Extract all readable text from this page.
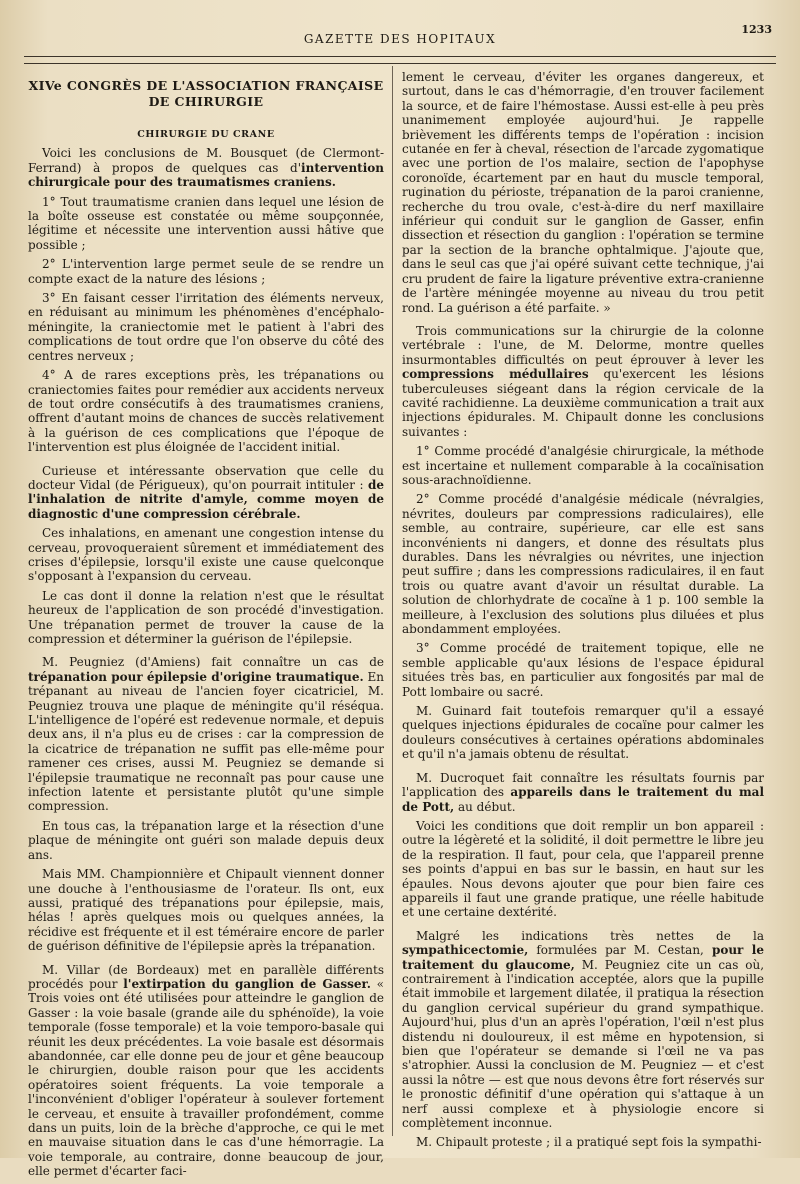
GAZETTE DES HOPITAUX
1233
XIVe CONGRÈS DE L'ASSOCIATION FRANÇAISE DE CHIRURGIE
CHIRURGIE DU CRANE

Voici les conclusions de M. Bousquet (de Clermont-Ferrand) à propos de quelques cas d'intervention chirurgicale pour des traumatismes craniens.

1° Tout traumatisme cranien dans lequel une lésion de la boîte osseuse est constatée ou même soupçonnée, légitime et nécessite une intervention aussi hâtive que possible ;

2° L'intervention large permet seule de se rendre un compte exact de la nature des lésions ;

3° En faisant cesser l'irritation des éléments nerveux, en réduisant au minimum les phénomènes d'encéphalo-méningite, la craniectomie met le patient à l'abri des complications de tout ordre que l'on observe du côté des centres nerveux ;

4° A de rares exceptions près, les trépanations ou craniectomies faites pour remédier aux accidents nerveux de tout ordre consécutifs à des traumatismes craniens, offrent d'autant moins de chances de succès relativement à la guérison de ces complications que l'époque de l'intervention est plus éloignée de l'accident initial.

Curieuse et intéressante observation que celle du docteur Vidal (de Périgueux), qu'on pourrait intituler : de l'inhalation de nitrite d'amyle, comme moyen de diagnostic d'une compression cérébrale.

Ces inhalations, en amenant une congestion intense du cerveau, provoqueraient sûrement et immédiatement des crises d'épilepsie, lorsqu'il existe une cause quelconque s'opposant à l'expansion du cerveau.

Le cas dont il donne la relation n'est que le résultat heureux de l'application de son procédé d'investigation. Une trépanation permet de trouver la cause de la compression et déterminer la guérison de l'épilepsie.

M. Peugniez (d'Amiens) fait connaître un cas de trépanation pour épilepsie d'origine traumatique. En trépanant au niveau de l'ancien foyer cicatriciel, M. Peugniez trouva une plaque de méningite qu'il réséqua. L'intelligence de l'opéré est redevenue normale, et depuis deux ans, il n'a plus eu de crises : car la compression de la cicatrice de trépanation ne suffit pas elle-même pour ramener ces crises, aussi M. Peugniez se demande si l'épilepsie traumatique ne reconnaît pas pour cause une infection latente et persistante plutôt qu'une simple compression.

En tous cas, la trépanation large et la résection d'une plaque de méningite ont guéri son malade depuis deux ans.

Mais MM. Championnière et Chipault viennent donner une douche à l'enthousiasme de l'orateur. Ils ont, eux aussi, pratiqué des trépanations pour épilepsie, mais, hélas ! après quelques mois ou quelques années, la récidive est fréquente et il est téméraire encore de parler de guérison définitive de l'épilepsie après la trépanation.

M. Villar (de Bordeaux) met en parallèle différents procédés pour l'extirpation du ganglion de Gasser. « Trois voies ont été utilisées pour atteindre le ganglion de Gasser : la voie basale (grande aile du sphénoïde), la voie temporale (fosse temporale) et la voie temporo-basale qui réunit les deux précédentes. La voie basale est désormais abandonnée, car elle donne peu de jour et gêne beaucoup le chirurgien, double raison pour que les accidents opératoires soient fréquents. La voie temporale a l'inconvénient d'obliger l'opérateur à soulever fortement le cerveau, et ensuite à travailler profondément, comme dans un puits, loin de la brèche d'approche, ce qui le met en mauvaise situation dans le cas d'une hémorragie. La voie temporale, au contraire, donne beaucoup de jour, elle permet d'écarter faci-

lement le cerveau, d'éviter les organes dangereux, et surtout, dans le cas d'hémorragie, d'en trouver facilement la source, et de faire l'hémostase. Aussi est-elle à peu près unanimement employée aujourd'hui. Je rappelle brièvement les différents temps de l'opération : incision cutanée en fer à cheval, résection de l'arcade zygomatique avec une portion de l'os malaire, section de l'apophyse coronoïde, écartement par en haut du muscle temporal, rugination du périoste, trépanation de la paroi cranienne, recherche du trou ovale, c'est-à-dire du nerf maxillaire inférieur qui conduit sur le ganglion de Gasser, enfin dissection et résection du ganglion : l'opération se termine par la section de la branche ophtalmique. J'ajoute que, dans le seul cas que j'ai opéré suivant cette technique, j'ai cru prudent de faire la ligature préventive extra-cranienne de l'artère méningée moyenne au niveau du trou petit rond. La guérison a été parfaite. »

Trois communications sur la chirurgie de la colonne vertébrale : l'une, de M. Delorme, montre quelles insurmontables difficultés on peut éprouver à lever les compressions médullaires qu'exercent les lésions tuberculeuses siégeant dans la région cervicale de la cavité rachidienne. La deuxième communication a trait aux injections épidurales. M. Chipault donne les conclusions suivantes :

1° Comme procédé d'analgésie chirurgicale, la méthode est incertaine et nullement comparable à la cocaïnisation sous-arachnoïdienne.

2° Comme procédé d'analgésie médicale (névralgies, névrites, douleurs par compressions radiculaires), elle semble, au contraire, supérieure, car elle est sans inconvénients ni dangers, et donne des résultats plus durables. Dans les névralgies ou névrites, une injection peut suffire ; dans les compressions radiculaires, il en faut trois ou quatre avant d'avoir un résultat durable. La solution de chlorhydrate de cocaïne à 1 p. 100 semble la meilleure, à l'exclusion des solutions plus diluées et plus abondamment employées.

3° Comme procédé de traitement topique, elle ne semble applicable qu'aux lésions de l'espace épidural situées très bas, en particulier aux fongosités par mal de Pott lombaire ou sacré.

M. Guinard fait toutefois remarquer qu'il a essayé quelques injections épidurales de cocaïne pour calmer les douleurs consécutives à certaines opérations abdominales et qu'il n'a jamais obtenu de résultat.

M. Ducroquet fait connaître les résultats fournis par l'application des appareils dans le traitement du mal de Pott, au début.

Voici les conditions que doit remplir un bon appareil : outre la légèreté et la solidité, il doit permettre le libre jeu de la respiration. Il faut, pour cela, que l'appareil prenne ses points d'appui en bas sur le bassin, en haut sur les épaules. Nous devons ajouter que pour bien faire ces appareils il faut une grande pratique, une réelle habitude et une certaine dextérité.

Malgré les indications très nettes de la sympathicectomie, formulées par M. Cestan, pour le traitement du glaucome, M. Peugniez cite un cas où, contrairement à l'indication acceptée, alors que la pupille était immobile et largement dilatée, il pratiqua la résection du ganglion cervical supérieur du grand sympathique. Aujourd'hui, plus d'un an après l'opération, l'œil n'est plus distendu ni douloureux, il est même en hypotension, si bien que l'opérateur se demande si l'œil ne va pas s'atrophier. Aussi la conclusion de M. Peugniez — et c'est aussi la nôtre — est que nous devons être fort réservés sur le pronostic définitif d'une opération qui s'attaque à un nerf aussi complexe et à physiologie encore si complètement inconnue.

M. Chipault proteste ; il a pratiqué sept fois la sympathi-
